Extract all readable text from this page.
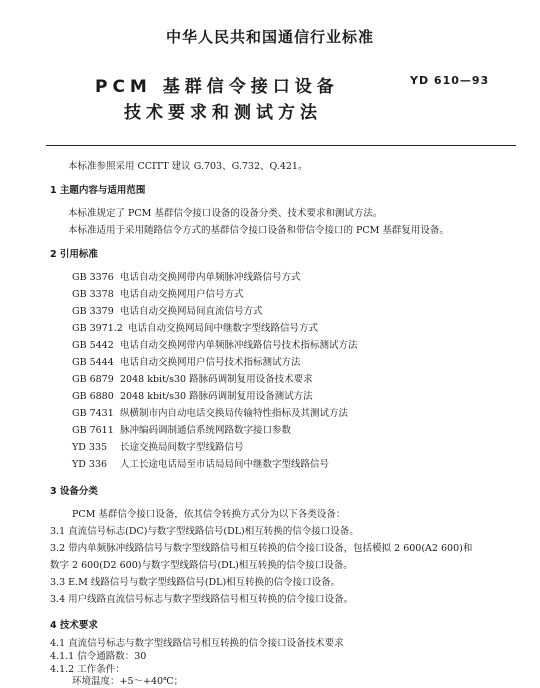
中华人民共和国通信行业标准
PCM 基群信令接口设备
技术要求和测试方法
YD 610—93
本标准参照采用 CCITT 建议 G.703、G.732、Q.421。
1 主题内容与适用范围
本标准规定了 PCM 基群信令接口设备的设备分类、技术要求和测试方法。
本标准适用于采用随路信令方式的基群信令接口设备和带信令接口的 PCM 基群复用设备。
2 引用标准
GB 3376 电话自动交换网带内单频脉冲线路信号方式
GB 3378 电话自动交换网用户信号方式
GB 3379 电话自动交换网局间直流信号方式
GB 3971.2 电话自动交换网局间中继数字型线路信号方式
GB 5442 电话自动交换网带内单频脉冲线路信号技术指标测试方法
GB 5444 电话自动交换网用户信号技术指标测试方法
GB 6879 2048 kbit/s30 路脉码调制复用设备技术要求
GB 6880 2048 kbit/s30 路脉码调制复用设备测试方法
GB 7431 纵横制市内自动电话交换局传输特性指标及其测试方法
GB 7611 脉冲编码调制通信系统网路数字接口参数
YD 335 长途交换局间数字型线路信号
YD 336 人工长途电话局至市话局局间中继数字型线路信号
3 设备分类
PCM 基群信令接口设备，依其信令转换方式分为以下各类设备：
3.1 直流信号标志(DC)与数字型线路信号(DL)相互转换的信令接口设备。
3.2 带内单频脉冲线路信号与数字型线路信号相互转换的信令接口设备，包括模拟 2 600(A2 600)和
数字 2 600(D2 600)与数字型线路信号(DL)相互转换的信令接口设备。
3.3 E.M 线路信号与数字型线路信号(DL)相互转换的信令接口设备。
3.4 用户线路直流信号标志与数字型线路信号相互转换的信令接口设备。
4 技术要求
4.1 直流信号标志与数字型线路信号相互转换的信令接口设备技术要求
4.1.1 信令通路数：30
4.1.2 工作条件：
环境温度：+5～+40℃；
